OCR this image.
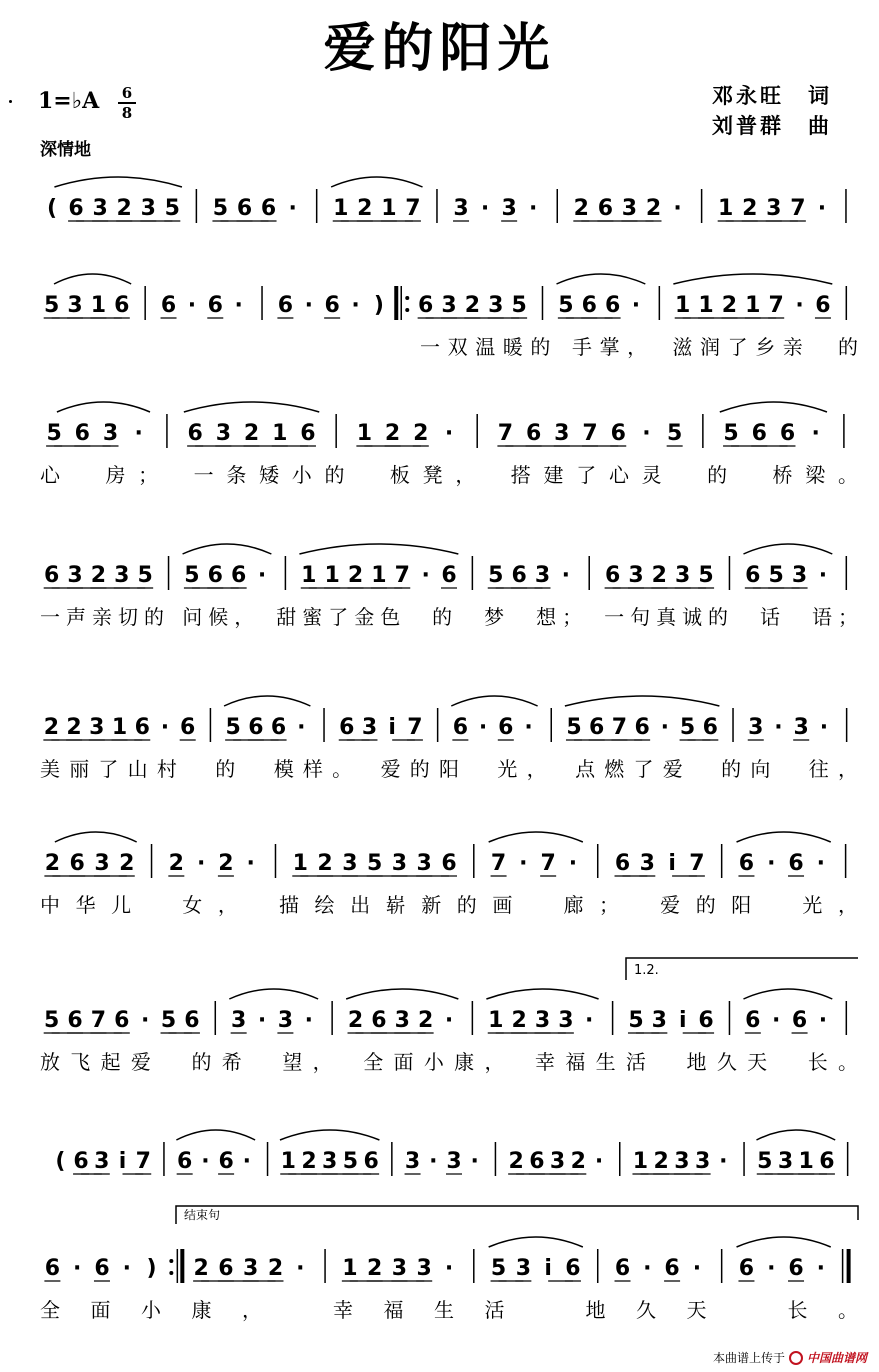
爱的阳光
邓永旺　词
刘普群　曲
1=♭A 6
8
深情地
( 6 3 2 3 5 5 6 6 · 1 2 1 7 3 · 3 · 2 6 3 2 · 1 2 3 7 ·
5 3 1 6 6 · 6 · 6 · 6 · ) 6 3 2 3 5 5 6 6 · 1 1 2 1 7 · 6
一双温暖的 手掌，　滋润了乡亲　的
5 6 3 · 6 3 2 1 6 1 2 2 · 7 6 3 7 6 · 5 5 6 6 ·
心　房；　一条矮小的　板凳，　搭建了心灵　的　桥梁。
6 3 2 3 5 5 6 6 · 1 1 2 1 7 · 6 5 6 3 · 6 3 2 3 5 6 5 3 ·
一声亲切的 问候，　甜蜜了金色　的　梦　想；　一句真诚的　话　语；
2 2 3 1 6 · 6 5 6 6 · 6 3 i 7 6 · 6 · 5 6 7 6 · 5 6 3 · 3 ·
美丽了山村　的　模样。　爱的阳　光，　点燃了爱　的向　往，
2 6 3 2 2 · 2 · 1 2 3 5 3 3 6 7 · 7 · 6 3 i 7 6 · 6 ·
中华儿　女，　描绘出崭新的画　廊；　爱的阳　光，
5 6 7 6 · 5 6 3 · 3 · 2 6 3 2 · 1 2 3 3 · 5 3 i 6 6 · 6 ·
放飞起爱　的希　望，　全面小康，　幸福生活　地久天　长。
( 6 3 i 7 6 · 6 · 1 2 3 5 6 3 · 3 · 2 6 3 2 · 1 2 3 3 · 5 3 1 6
6 · 6 · ) 2 6 3 2 · 1 2 3 3 · 5 3 i 6 6 · 6 · 6 · 6 ·
全面小康，　幸福生活　地久天　长。
1.2.
结束句
本曲谱上传于 中国曲谱网
